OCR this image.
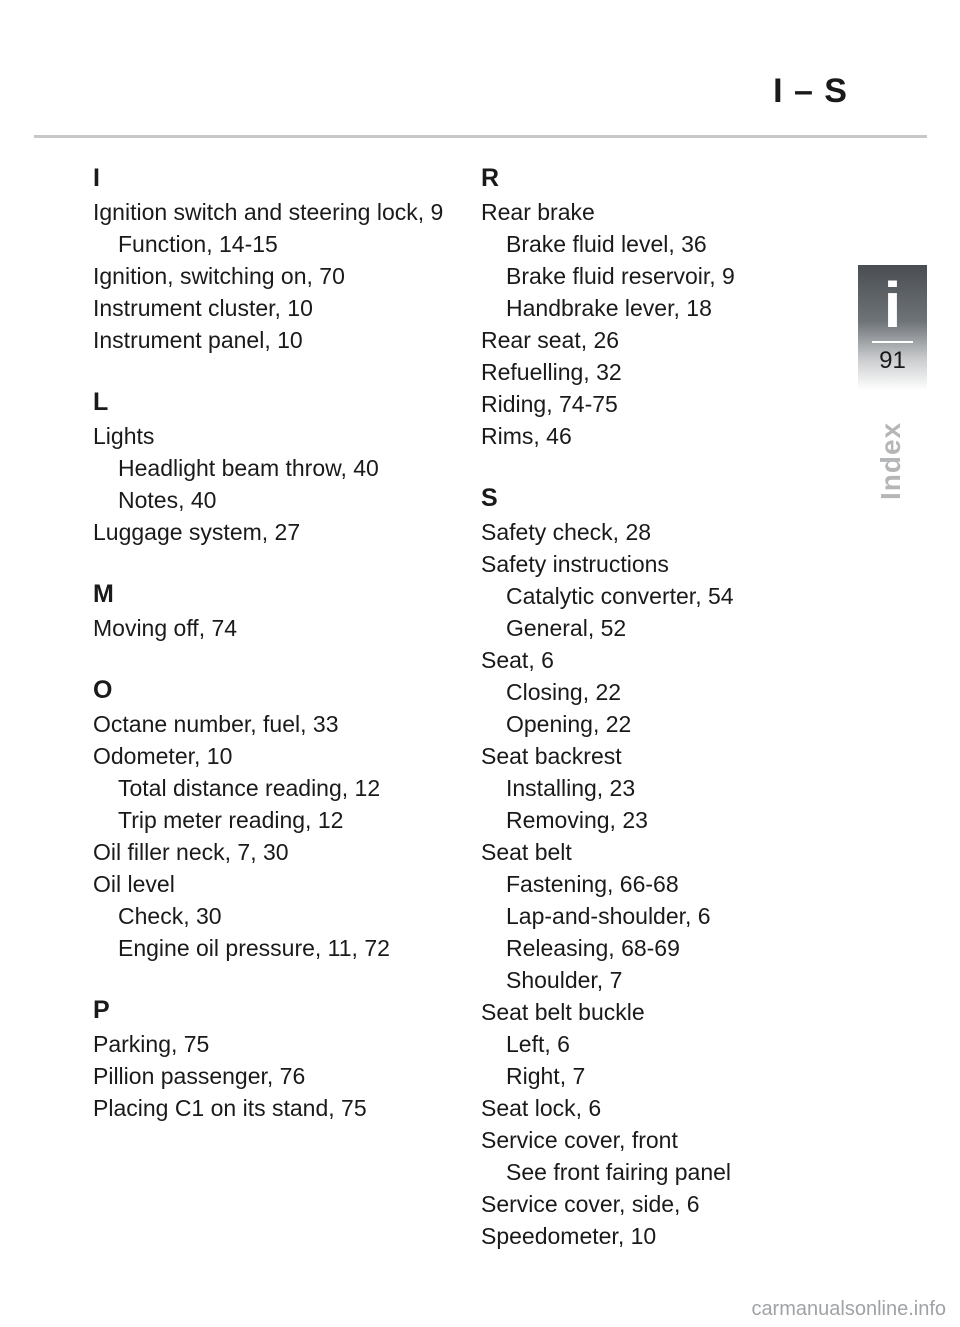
I – S
i
91
Index
I
Ignition switch and steering lock, 9
Function, 14-15
Ignition, switching on, 70
Instrument cluster, 10
Instrument panel, 10
L
Lights
Headlight beam throw, 40
Notes, 40
Luggage system, 27
M
Moving off, 74
O
Octane number, fuel, 33
Odometer, 10
Total distance reading, 12
Trip meter reading, 12
Oil filler neck, 7, 30
Oil level
Check, 30
Engine oil pressure, 11, 72
P
Parking, 75
Pillion passenger, 76
Placing C1 on its stand, 75
R
Rear brake
Brake fluid level, 36
Brake fluid reservoir, 9
Handbrake lever, 18
Rear seat, 26
Refuelling, 32
Riding, 74-75
Rims, 46
S
Safety check, 28
Safety instructions
Catalytic converter, 54
General, 52
Seat, 6
Closing, 22
Opening, 22
Seat backrest
Installing, 23
Removing, 23
Seat belt
Fastening, 66-68
Lap-and-shoulder, 6
Releasing, 68-69
Shoulder, 7
Seat belt buckle
Left, 6
Right, 7
Seat lock, 6
Service cover, front
See front fairing panel
Service cover, side, 6
Speedometer, 10
carmanualsonline.info
